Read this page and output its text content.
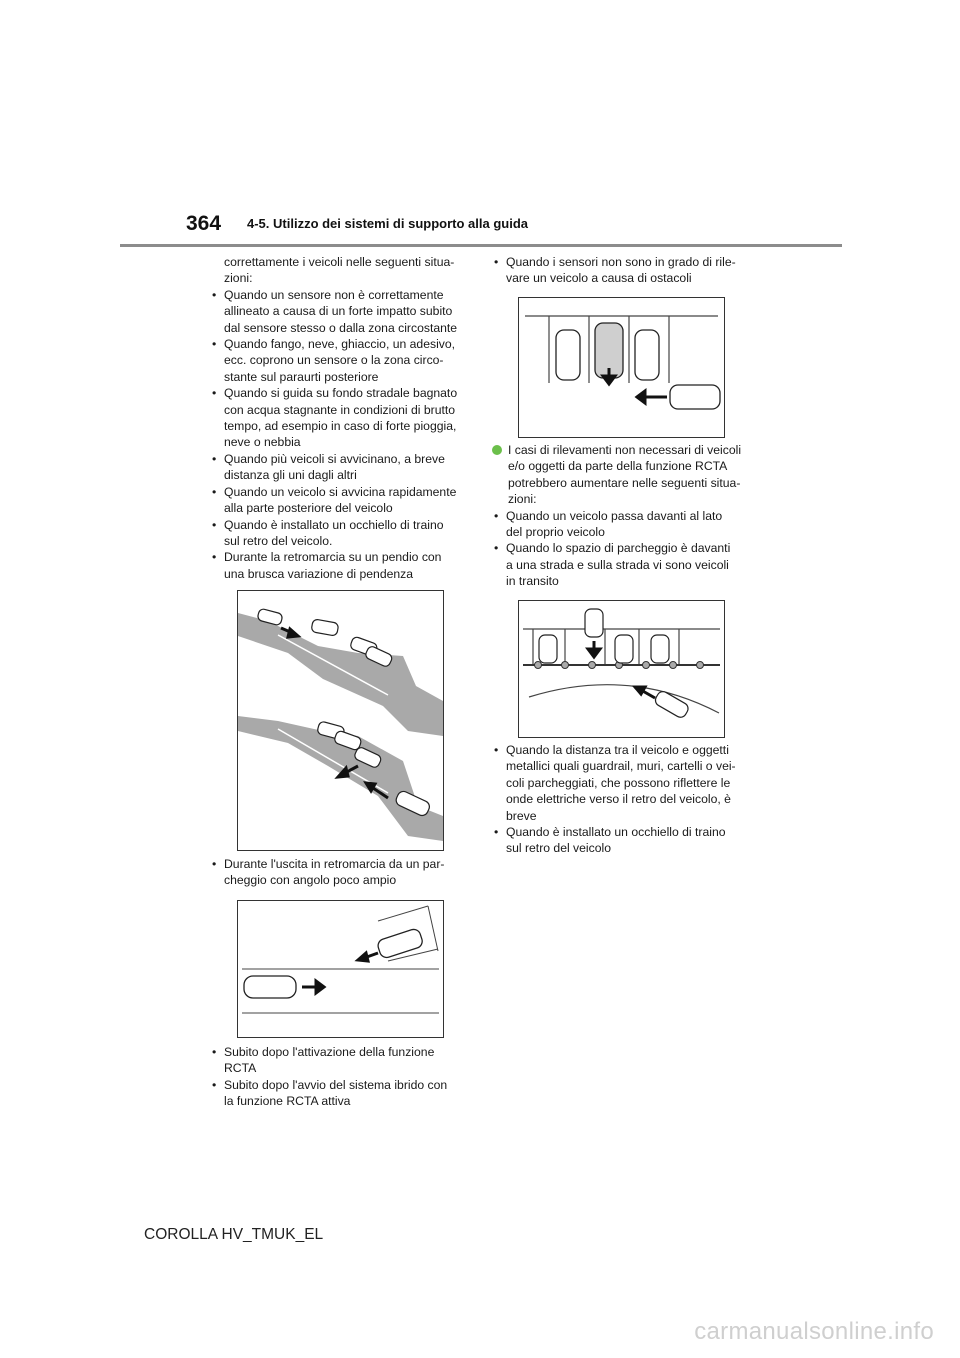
364 4-5. Utilizzo dei sistemi di supporto alla guida

correttamente i veicoli nelle seguenti situa-

zioni:

• Quando un sensore non è correttamente

allineato a causa di un forte impatto subito

dal sensore stesso o dalla zona circostante

• Quando fango, neve, ghiaccio, un adesivo,

ecc. coprono un sensore o la zona circo-

stante sul paraurti posteriore

• Quando si guida su fondo stradale bagnato

con acqua stagnante in condizioni di brutto

tempo, ad esempio in caso di forte pioggia,

neve o nebbia

• Quando più veicoli si avvicinano, a breve

distanza gli uni dagli altri

• Quando un veicolo si avvicina rapidamente

alla parte posteriore del veicolo

• Quando è installato un occhiello di traino

sul retro del veicolo.

• Durante la retromarcia su un pendio con

una brusca variazione di pendenza

• Durante l'uscita in retromarcia da un par-

cheggio con angolo poco ampio

• Subito dopo l'attivazione della funzione

RCTA

• Subito dopo l'avvio del sistema ibrido con

la funzione RCTA attiva

• Quando i sensori non sono in grado di rile-

vare un veicolo a causa di ostacoli

I casi di rilevamenti non necessari di veicoli

e/o oggetti da parte della funzione RCTA

potrebbero aumentare nelle seguenti situa-

zioni:

• Quando un veicolo passa davanti al lato

del proprio veicolo

• Quando lo spazio di parcheggio è davanti

a una strada e sulla strada vi sono veicoli

in transito

• Quando la distanza tra il veicolo e oggetti

metallici quali guardrail, muri, cartelli o vei-

coli parcheggiati, che possono riflettere le

onde elettriche verso il retro del veicolo, è

breve

• Quando è installato un occhiello di traino

sul retro del veicolo

COROLLA HV_TMUK_EL
carmanualsonline.info
